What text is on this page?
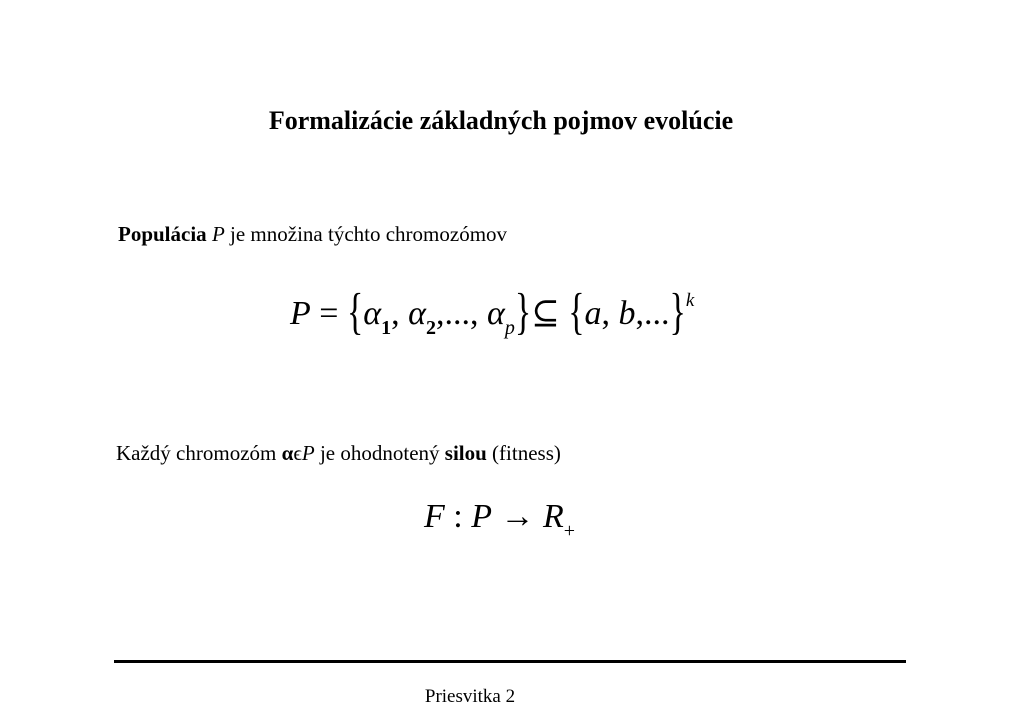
Formalizácie základných pojmov evolúcie
Populácia P je množina týchto chromozómov
$P = \{\alpha_1$, $\alpha_2$,..., $\alpha_p\}⊆$ {a, b,...}$^k$
Každý chromozóm αϵP je ohodnotený silou (fitness)
F : $P \to R_+$
Priesvitka 2
